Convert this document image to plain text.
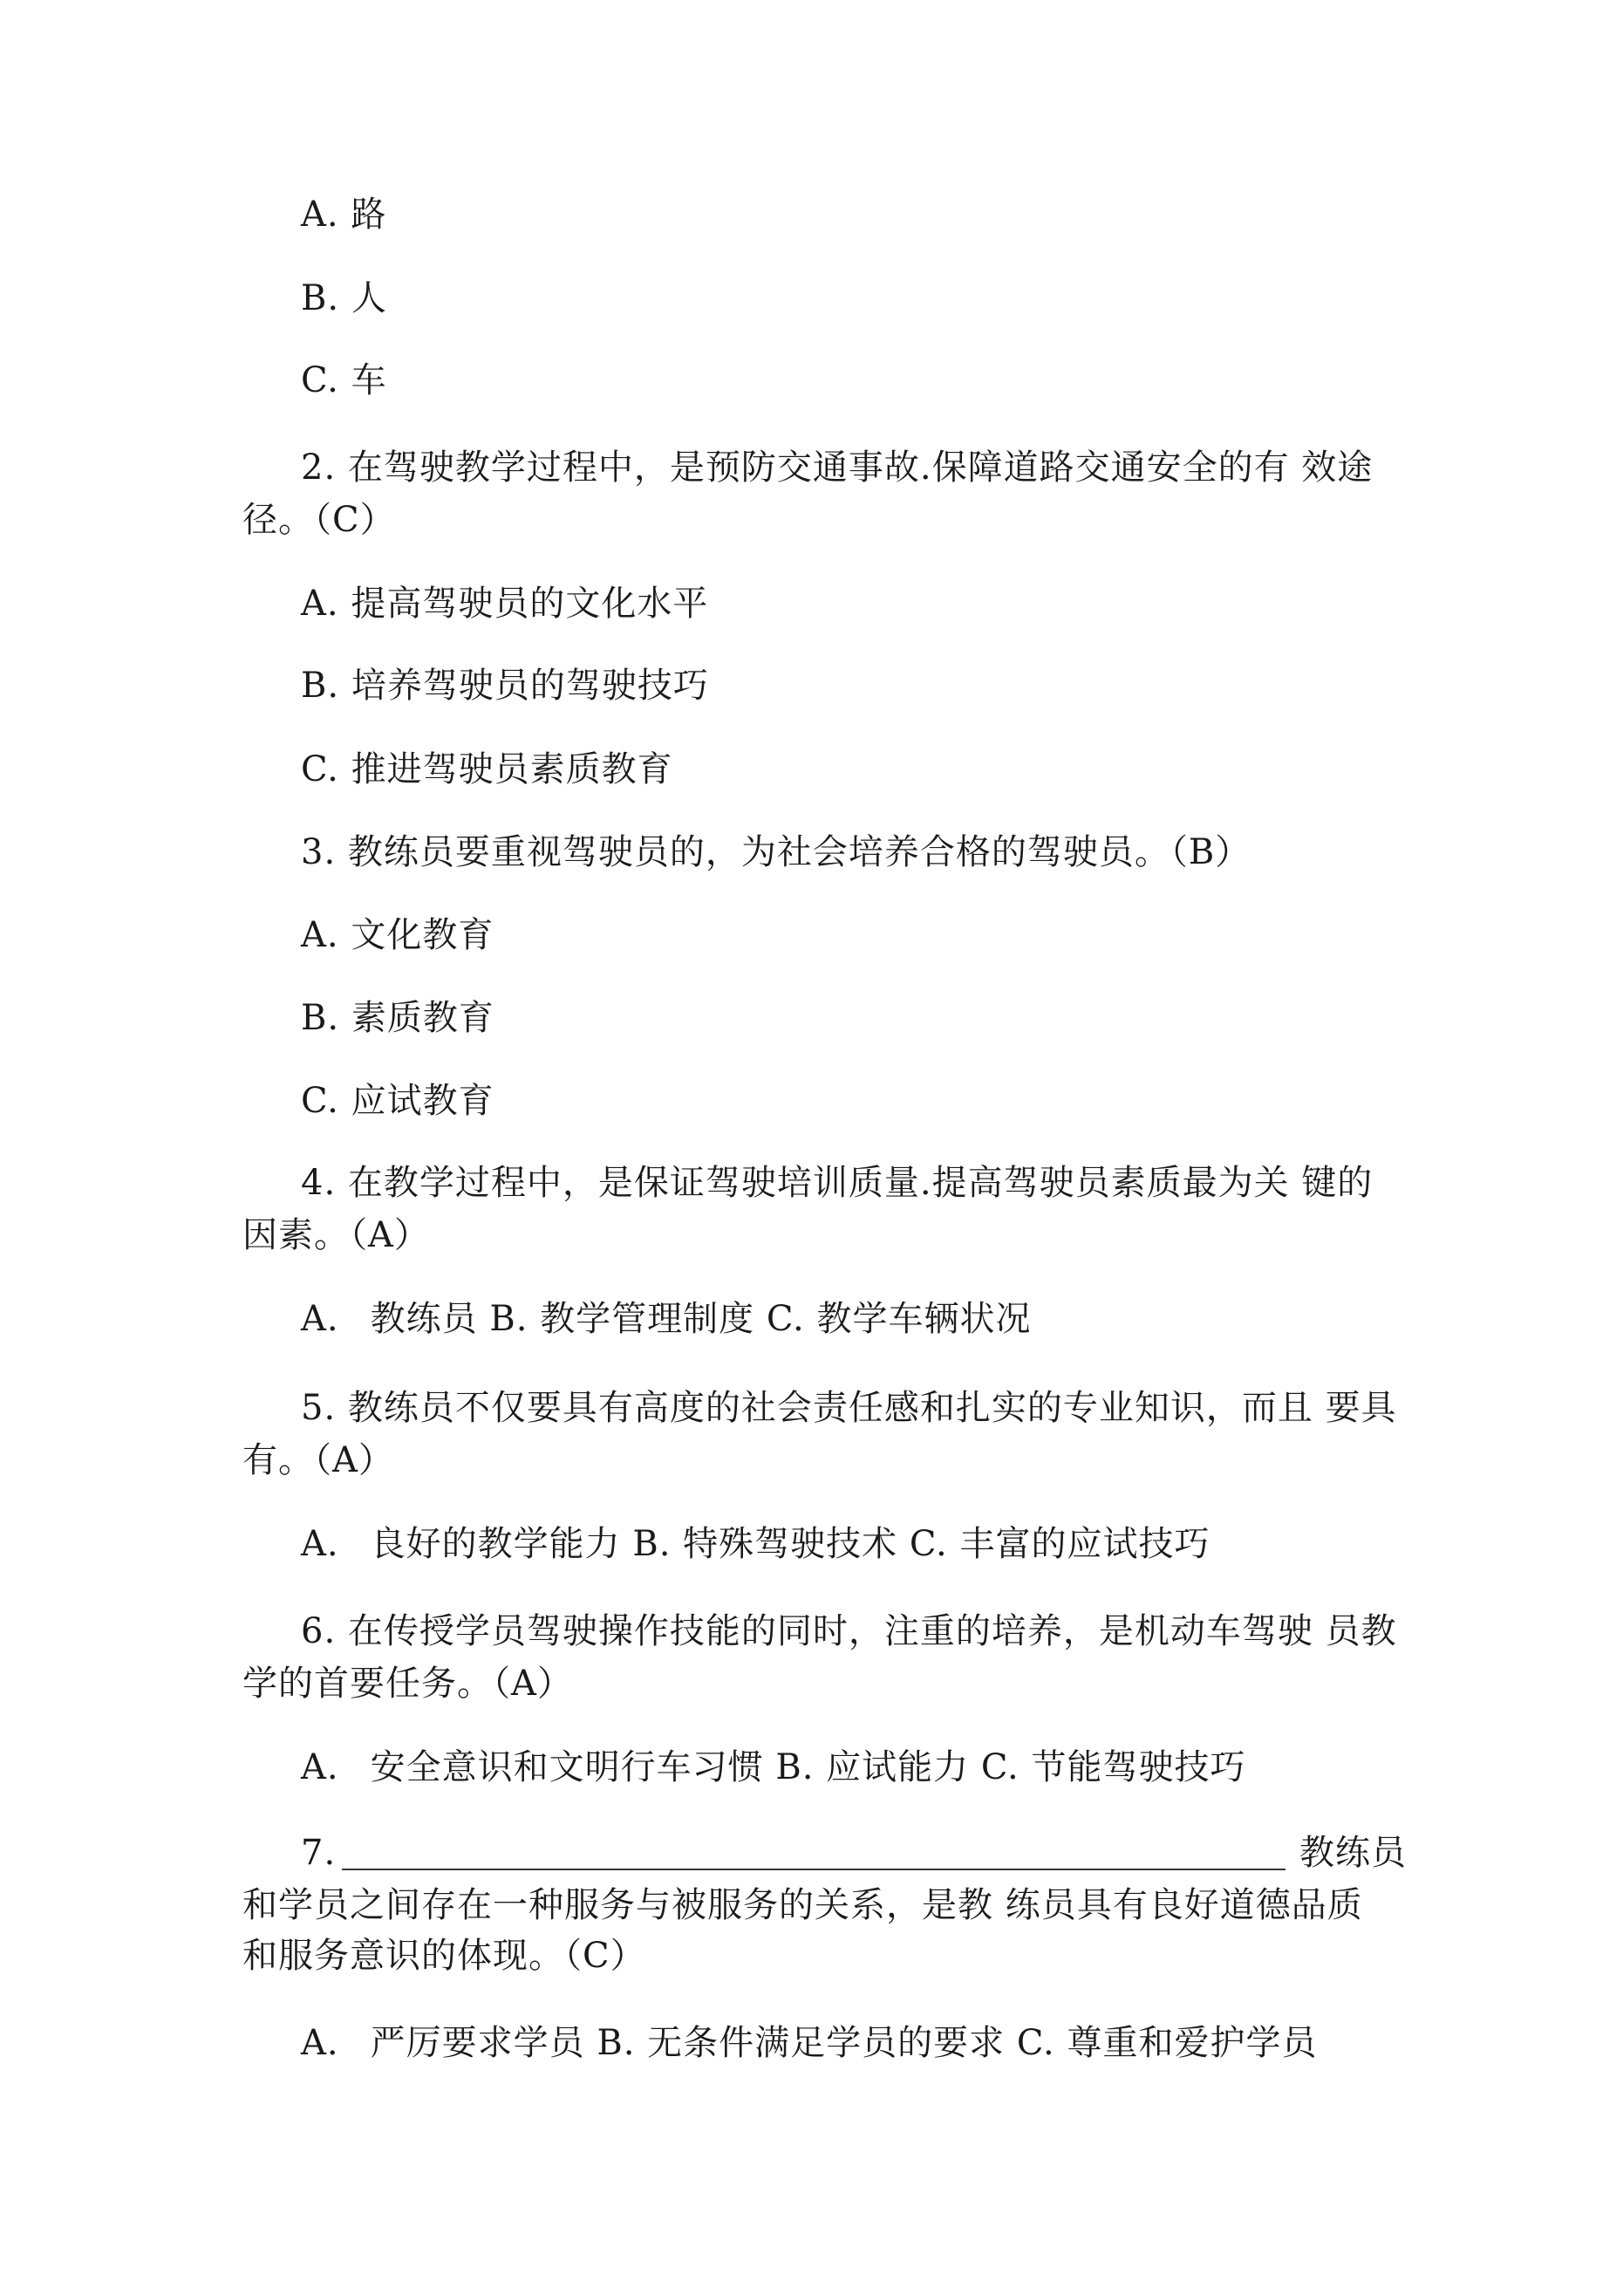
A. 路
B. 人
C. 车
2. 在驾驶教学过程中，是预防交通事故.保障道路交通安全的有 效途
径。（C）
A. 提高驾驶员的文化水平
B. 培养驾驶员的驾驶技巧
C. 推进驾驶员素质教育
3. 教练员要重视驾驶员的，为社会培养合格的驾驶员。（B）
A. 文化教育
B. 素质教育
C. 应试教育
4. 在教学过程中，是保证驾驶培训质量.提高驾驶员素质最为关 键的
因素。（A）
A. 教练员 B. 教学管理制度 C. 教学车辆状况
5. 教练员不仅要具有高度的社会责任感和扎实的专业知识，而且 要具
有。（A）
A. 良好的教学能力 B. 特殊驾驶技术 C. 丰富的应试技巧
6. 在传授学员驾驶操作技能的同时，注重的培养，是机动车驾驶 员教
学的首要任务。（A）
A. 安全意识和文明行车习惯 B. 应试能力 C. 节能驾驶技巧
7.	教练员
和学员之间存在一种服务与被服务的关系，是教 练员具有良好道德品质
和服务意识的体现。（C）
A. 严厉要求学员 B. 无条件满足学员的要求 C. 尊重和爱护学员
